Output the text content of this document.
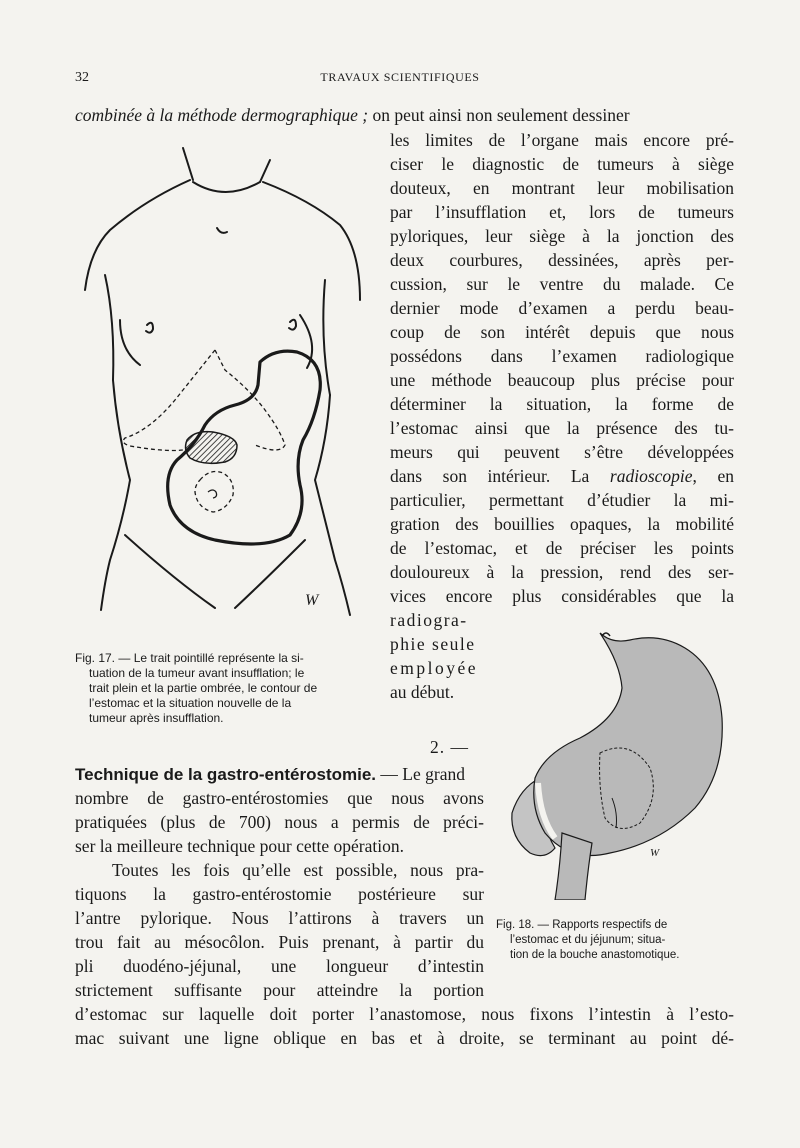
32	TRAVAUX SCIENTIFIQUES
combinée à la méthode dermographique ; on peut ainsi non seulement dessiner
les limites de l’organe mais encore pré-
ciser le diagnostic de tumeurs à siège
douteux, en montrant leur mobilisation
par l’insufflation et, lors de tumeurs
pyloriques, leur siège à la jonction des
deux courbures, dessinées, après per-
cussion, sur le ventre du malade. Ce
dernier mode d’examen a perdu beau-
coup de son intérêt depuis que nous
possédons dans l’examen radiologique
une méthode beaucoup plus précise pour
déterminer la situation, la forme de
l’estomac ainsi que la présence des tu-
meurs qui peuvent s’être développées
dans son intérieur. La radioscopie, en
particulier, permettant d’étudier la mi-
gration des bouillies opaques, la mobilité
de l’estomac, et de préciser les points
douloureux à la pression, rend des ser-
vices encore plus considérables que la
radiogra-
phie seule
employée
au début.
W
Fig. 17. — Le trait pointillé représente la si-
tuation de la tumeur avant insufflation; le
trait plein et la partie ombrée, le contour de
l’estomac et la situation nouvelle de la
tumeur après insufflation.
W
2. —
Technique de la gastro-entérostomie. — Le grand
nombre de gastro-entérostomies que nous avons
pratiquées (plus de 700) nous a permis de préci-
ser la meilleure technique pour cette opération.
Toutes les fois qu’elle est possible, nous pra-
tiquons la gastro-entérostomie postérieure sur
l’antre pylorique. Nous l’attirons à travers un
trou fait au mésocôlon. Puis prenant, à partir du
pli duodéno-jéjunal, une longueur d’intestin
strictement suffisante pour atteindre la portion
d’estomac sur laquelle doit porter l’anastomose, nous fixons l’intestin à l’esto-
mac suivant une ligne oblique en bas et à droite, se terminant au point dé-
Fig. 18. — Rapports respectifs de
l’estomac et du jéjunum; situa-
tion de la bouche anastomotique.
